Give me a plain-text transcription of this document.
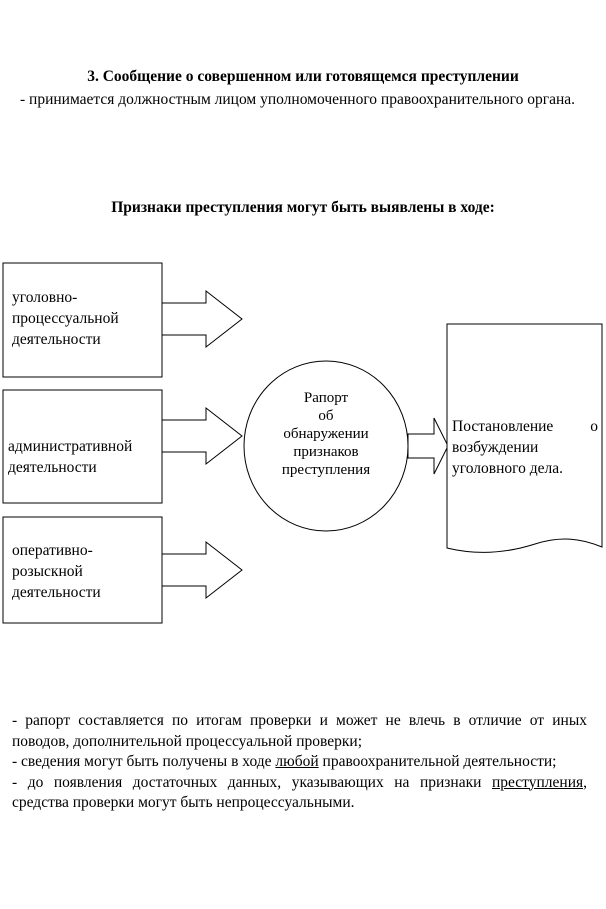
3. Сообщение о совершенном или готовящемся преступлении
- принимается должностным лицом уполномоченного правоохранительного органа.
Признаки преступления могут быть выявлены в ходе:
уголовно-
процессуальной
деятельности
административной
деятельности
оперативно-
розыскной
деятельности
Рапорт
об
обнаружении
признаков
преступления
Постановление о возбуждении уголовного дела.

- рапорт составляется по итогам проверки и может не влечь в отличие от иных поводов, дополнительной процессуальной проверки;

- сведения могут быть получены в ходе любой правоохранительной деятельности;

- до появления достаточных данных, указывающих на признаки преступления, средства проверки могут быть непроцессуальными.
